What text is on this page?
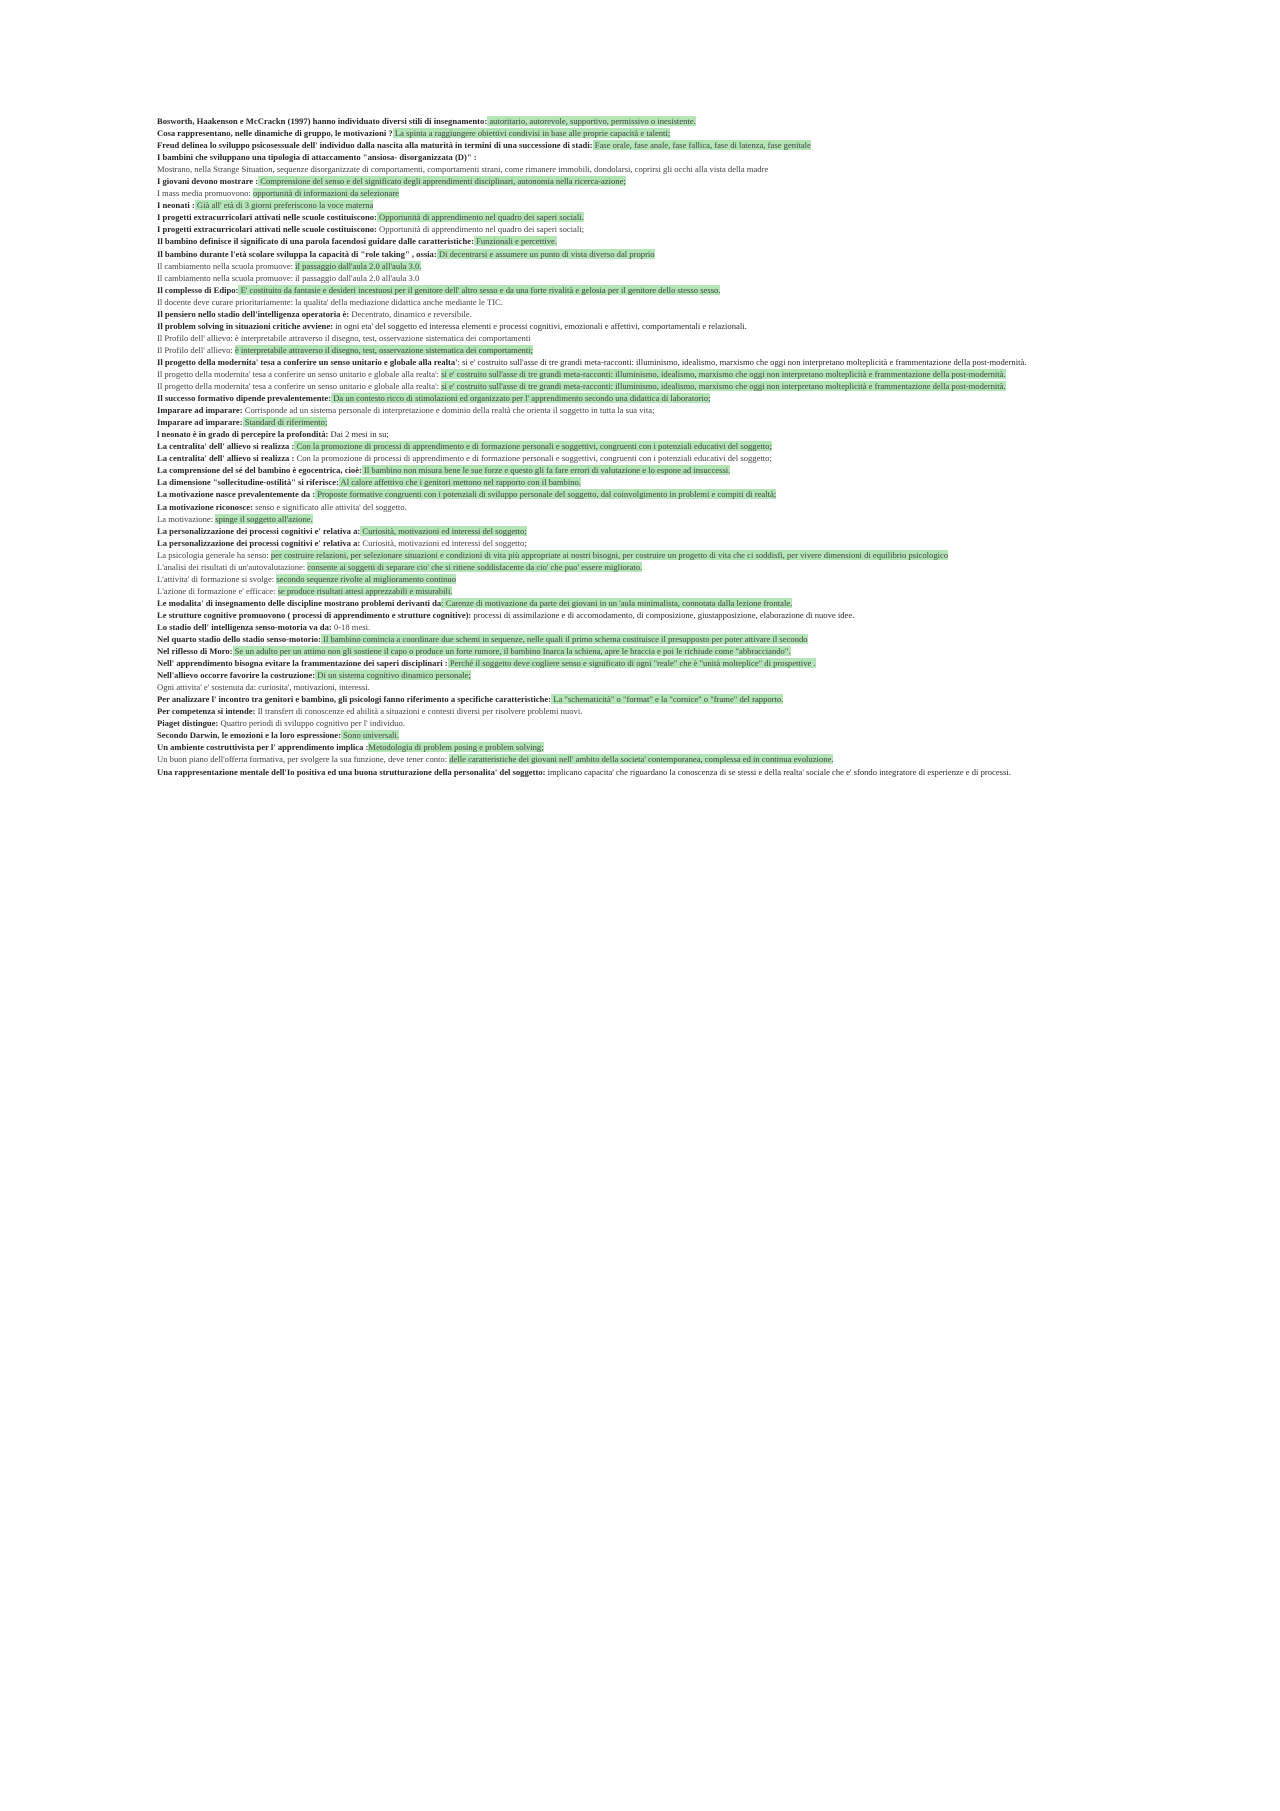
Bosworth, Haakenson e McCrackn (1997) hanno individuato diversi stili di insegnamento: autoritario, autorevole, supportivo, permissivo o inesistente.
Cosa rappresentano, nelle dinamiche di gruppo, le motivazioni ? La spinta a raggiungere obiettivi condivisi in base alle proprie capacità e talenti;
Freud delinea lo sviluppo psicosessuale dell' individuo dalla nascita alla maturità in termini di una successione di stadi: Fase orale, fase anale, fase fallica, fase di latenza, fase genitale
I bambini che sviluppano una tipologia di attaccamento "ansiosa- disorganizzata (D)" :
Mostrano, nella Strange Situation, sequenze disorganizzate di comportamenti, comportamenti strani, come rimanere immobili, dondolarsi, coprirsi gli occhi alla vista della madre
I giovani devono mostrare : Comprensione del senso e del significato degli apprendimenti disciplinari, autonomia nella ricerca-azione;
I mass media promuovono: opportunità di informazioni da selezionare
I neonati : Già all' età di 3 giorni preferiscono la voce materna
I progetti extracurricolari attivati nelle scuole costituiscono: Opportunità di apprendimento nel quadro dei saperi sociali.
I progetti extracurricolari attivati nelle scuole costituiscono: Opportunità di apprendimento nel quadro dei saperi sociali;
Il bambino definisce il significato di una parola facendosi guidare dalle caratteristiche: Funzionali e percettive.
Il bambino durante l'età scolare sviluppa la capacità di "role taking" , ossia: Di decentrarsi e assumere un punto di vista diverso dal proprio
Il cambiamento nella scuola promuove: il passaggio dall'aula 2.0 all'aula 3.0.
Il cambiamento nella scuola promuove: il passaggio dall'aula 2.0 all'aula 3.0
Il complesso di Edipo: E' costituito da fantasie e desideri incestuosi per il genitore dell' altro sesso e da una forte rivalità e gelosia per il genitore dello stesso sesso.
Il docente deve curare prioritariamente: la qualita' della mediazione didattica anche mediante le TIC.
Il pensiero nello stadio dell'intelligenza operatoria è: Decentrato, dinamico e reversibile.
Il problem solving in situazioni critiche avviene: in ogni eta' del soggetto ed interessa elementi e processi cognitivi, emozionali e affettivi, comportamentali e relazionali.
Il Profilo dell' allievo: è interpretabile attraverso il disegno, test, osservazione sistematica dei comportamenti
Il Profilo dell' allievo: è interpretabile attraverso il disegno, test, osservazione sistematica dei comportamenti;
Il progetto della modernita' tesa a conferire un senso unitario e globale alla realta': si e' costruito sull'asse di tre grandi meta-racconti: illuminismo, idealismo, marxismo che oggi non interpretano molteplicità e frammentazione della post-modernità.
Il progetto della modernita' tesa a conferire un senso unitario e globale alla realta': si e' costruito sull'asse di tre grandi meta-racconti: illuminismo, idealismo, marxismo che oggi non interpretano molteplicità e frammentazione della post-modernità.
Il progetto della modernita' tesa a conferire un senso unitario e globale alla realta': si e' costruito sull'asse di tre grandi meta-racconti: illuminismo, idealismo, marxismo che oggi non interpretano molteplicità e frammentazione della post-modernità.
Il successo formativo dipende prevalentemente: Da un contesto ricco di stimolazioni ed organizzato per l' apprendimento secondo una didattica di laboratorio;
Imparare ad imparare: Corrisponde ad un sistema personale di interpretazione e dominio della realtà che orienta il soggetto in tutta la sua vita;
Imparare ad imparare: Standard di riferimento;
l neonato è in grado di percepire la profondità: Dai 2 mesi in su;
La centralita' dell' allievo si realizza : Con la promozione di processi di apprendimento e di formazione personali e soggettivi, congruenti con i potenziali educativi del soggetto;
La centralita' dell' allievo si realizza : Con la promozione di processi di apprendimento e di formazione personali e soggettivi, congruenti con i potenziali educativi del soggetto;
La comprensione del sé del bambino è egocentrica, cioè: Il bambino non misura bene le sue forze e questo gli fa fare errori di valutazione e lo espone ad insuccessi.
La dimensione "sollecitudine-ostilità" si riferisce: Al calore affettivo che i genitori mettono nel rapporto con il bambino.
La motivazione nasce prevalentemente da : Proposte formative congruenti con i potenziali di sviluppo personale del soggetto, dal coinvolgimento in problemi e compiti di realtà;
La motivazione riconosce: senso e significato alle attivita' del soggetto.
La motivazione: spinge il soggetto all'azione.
La personalizzazione dei processi cognitivi e' relativa a: Curiosità, motivazioni ed interessi del soggetto;
La personalizzazione dei processi cognitivi e' relativa a: Curiosità, motivazioni ed interessi del soggetto;
La psicologia generale ha senso: per costruire relazioni, per selezionare situazioni e condizioni di vita più appropriate ai nostri bisogni, per costruire un progetto di vita che ci soddisfi, per vivere dimensioni di equilibrio psicologico
L'analisi dei risultati di un'autovalutazione: consente ai soggetti di separare cio' che si ritiene soddisfacente da cio' che puo' essere migliorato.
L'attivita' di formazione si svolge: secondo sequenze rivolte al miglioramento continuo
L'azione di formazione e' efficace: se produce risultati attesi apprezzabili e misurabili.
Le modalita' di insegnamento delle discipline mostrano problemi derivanti da: Carenze di motivazione da parte dei giovani in un 'aula minimalista, connotata dalla lezione frontale.
Le strutture cognitive promuovono ( processi di apprendimento e strutture cognitive): processi di assimilazione e di accomodamento, di composizione, giustapposizione, elaborazione di nuove idee.
Lo stadio dell' intelligenza senso-motoria va da: 0-18 mesi.
Nel quarto stadio dello stadio senso-motorio: Il bambino comincia a coordinare due schemi in sequenze, nelle quali il primo schema costituisce il presupposto per poter attivare il secondo
Nel riflesso di Moro: Se un adulto per un attimo non gli sostiene il capo o produce un forte rumore, il bambino Inarca la schiena, apre le braccia e poi le richiude come "abbracciando".
Nell' apprendimento bisogna evitare la frammentazione dei saperi disciplinari : Perché il soggetto deve cogliere senso e significato di ogni "reale" che è "unità molteplice" di prospettive .
Nell'allievo occorre favorire la costruzione: Di un sistema cognitivo dinamico personale;
Ogni attivita' e' sostenuta da: curiosita', motivazioni, interessi.
Per analizzare l' incontro tra genitori e bambino, gli psicologi fanno riferimento a specifiche caratteristiche: La "schematicità" o "format" e la "cornice" o "frame" del rapporto.
Per competenza si intende: Il transfert di conoscenze ed abilità a situazioni e contesti diversi per risolvere problemi nuovi.
Piaget distingue: Quattro periodi di sviluppo cognitivo per l' individuo.
Secondo Darwin, le emozioni e la loro espressione: Sono universali.
Un ambiente costruttivista per l' apprendimento implica :Metodologia di problem posing e problem solving;
Un buon piano dell'offerta formativa, per svolgere la sua funzione, deve tener conto: delle caratteristiche dei giovani nell' ambito della societa' contemporanea, complessa ed in continua evoluzione.
Una rappresentazione mentale dell'Io positiva ed una buona strutturazione della personalita' del soggetto: implicano capacita' che riguardano la conoscenza di se stessi e della realta' sociale che e' sfondo integratore di esperienze e di processi.
